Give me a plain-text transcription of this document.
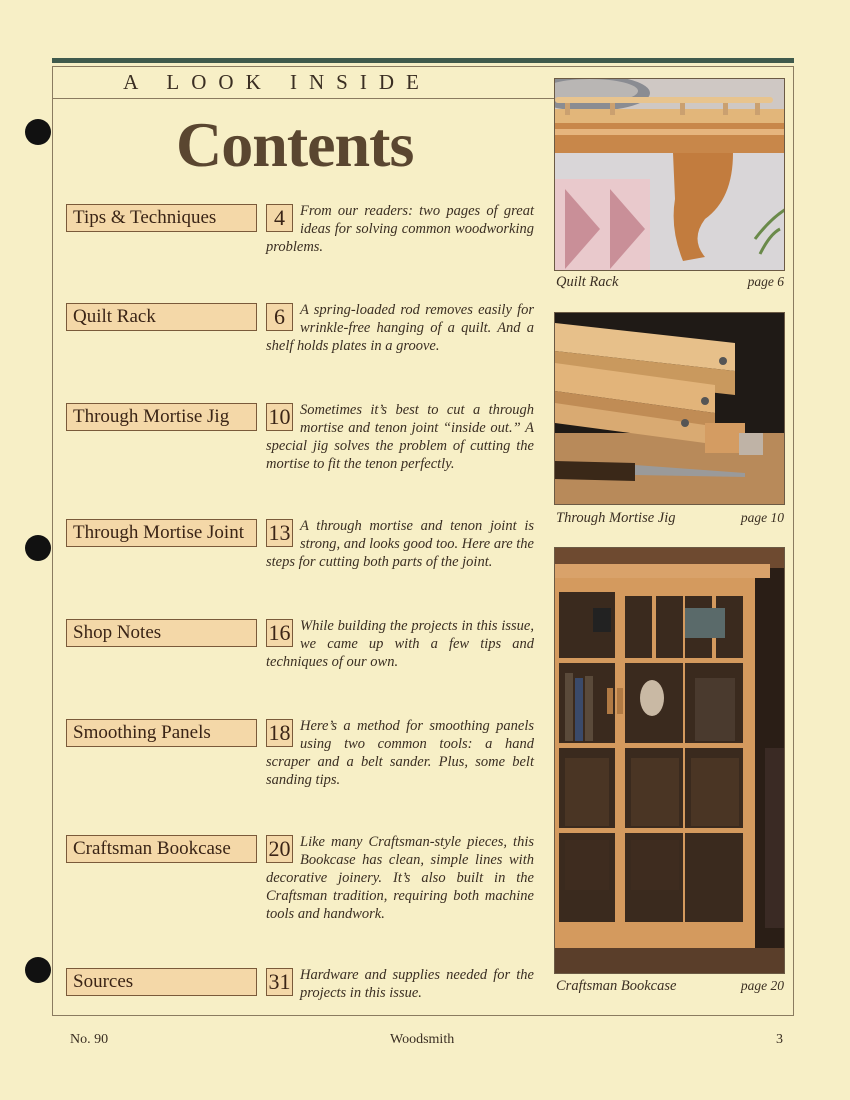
A LOOK INSIDE
Contents
Tips & Techniques	4	From our readers: two pages of great ideas for solving common woodworking problems.
Quilt Rack	6	A spring-loaded rod removes easily for wrinkle-free hanging of a quilt. And a shelf holds plates in a groove.
Through Mortise Jig	10 Sometimes it’s best to cut a through mortise and tenon joint “inside out.” A special jig solves the problem of cutting the mortise to fit the tenon perfectly.
Through Mortise Joint	13 A through mortise and tenon joint is strong, and looks good too. Here are the steps for cutting both parts of the joint.
Shop Notes	16 While building the projects in this issue, we came up with a few tips and techniques of our own.
Smoothing Panels	18 Here’s a method for smoothing panels using two common tools: a hand scraper and a belt sander. Plus, some belt sanding tips.
Craftsman Bookcase	20 Like many Craftsman-style pieces, this Bookcase has clean, simple lines with decorative joinery. It’s also built in the Craftsman tradition, requiring both machine tools and handwork.
Sources	31 Hardware and supplies needed for the projects in this issue.
Quilt Rack	page 6
Through Mortise Jig	page 10
Craftsman Bookcase	page 20
No. 90	Woodsmith	3
